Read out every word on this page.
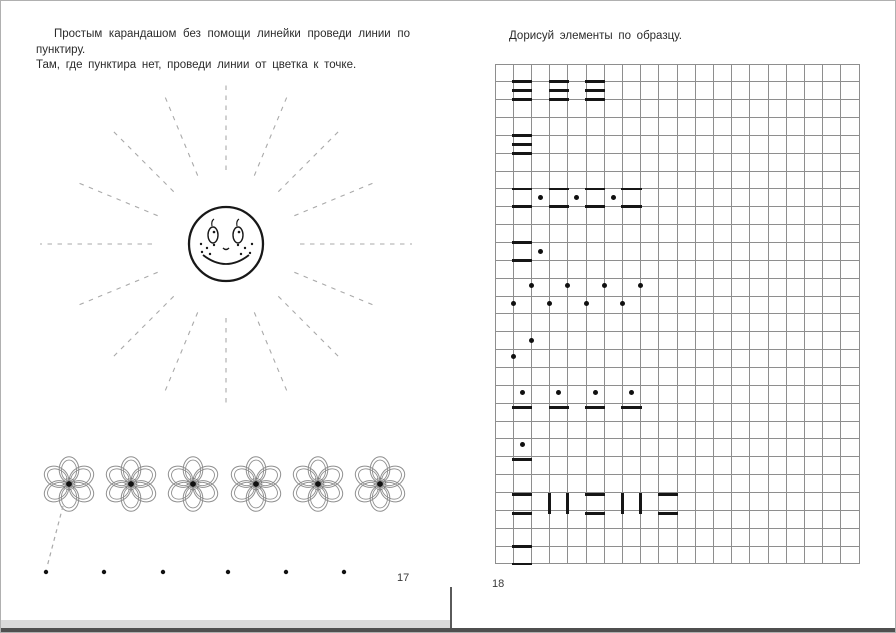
Простым карандашом без помощи линейки проведи линии по пунктиру.
Там, где пунктира нет, проведи линии от цветка к точке.
17
Дорисуй элементы по образцу.
18
